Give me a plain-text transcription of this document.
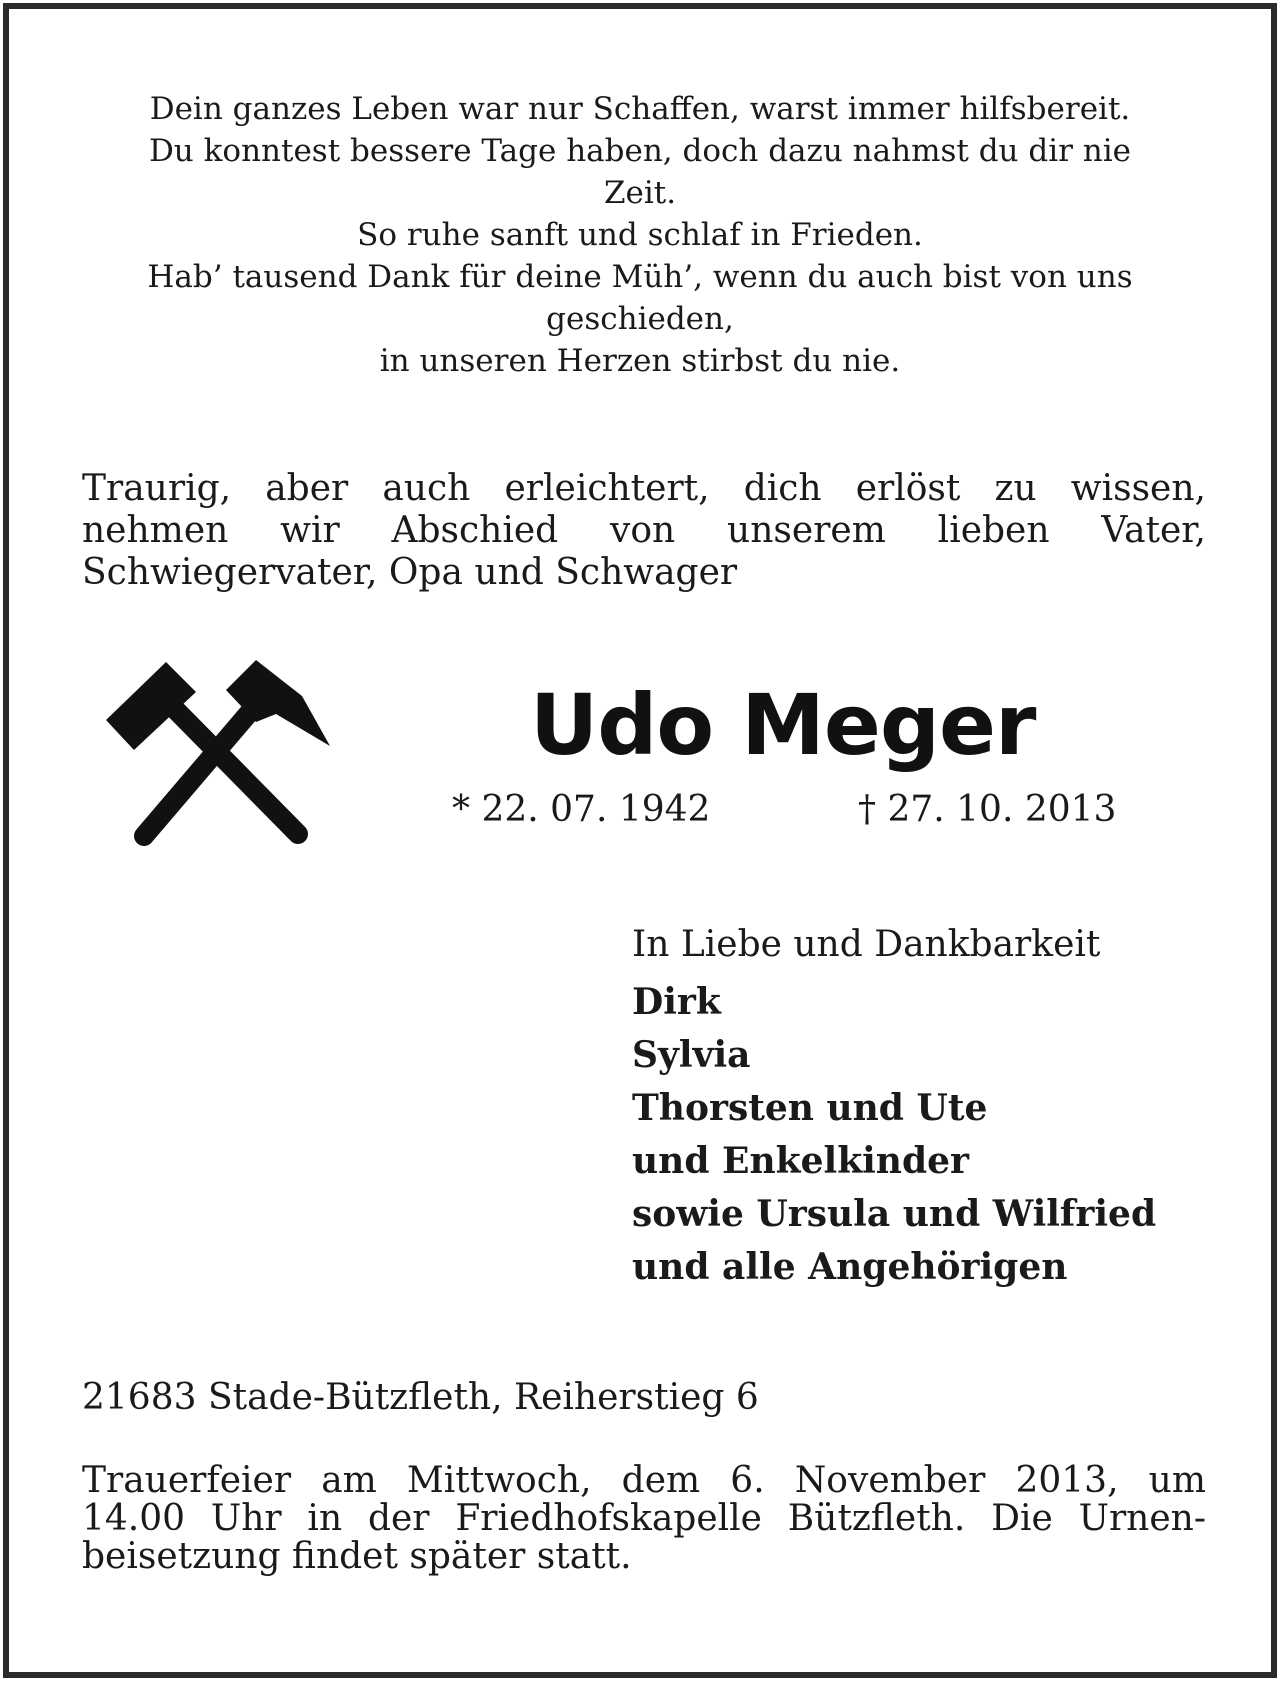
Dein ganzes Leben war nur Schaffen, warst immer hilfsbereit.
Du konntest bessere Tage haben, doch dazu nahmst du dir nie
Zeit.
So ruhe sanft und schlaf in Frieden.
Hab’ tausend Dank für deine Müh’, wenn du auch bist von uns
geschieden,
in unseren Herzen stirbst du nie.
Traurig, aber auch erleichtert, dich erlöst zu wissen,
nehmen wir Abschied von unserem lieben Vater,
Schwiegervater, Opa und Schwager
Udo Meger
* 22. 07. 1942	† 27. 10. 2013
In Liebe und Dankbarkeit
Dirk
Sylvia
Thorsten und Ute
und Enkelkinder
sowie Ursula und Wilfried
und alle Angehörigen
21683 Stade-Bützfleth, Reiherstieg 6
Trauerfeier am Mittwoch, dem 6. November 2013, um
14.00 Uhr in der Friedhofskapelle Bützfleth. Die Urnen-
beisetzung findet später statt.
